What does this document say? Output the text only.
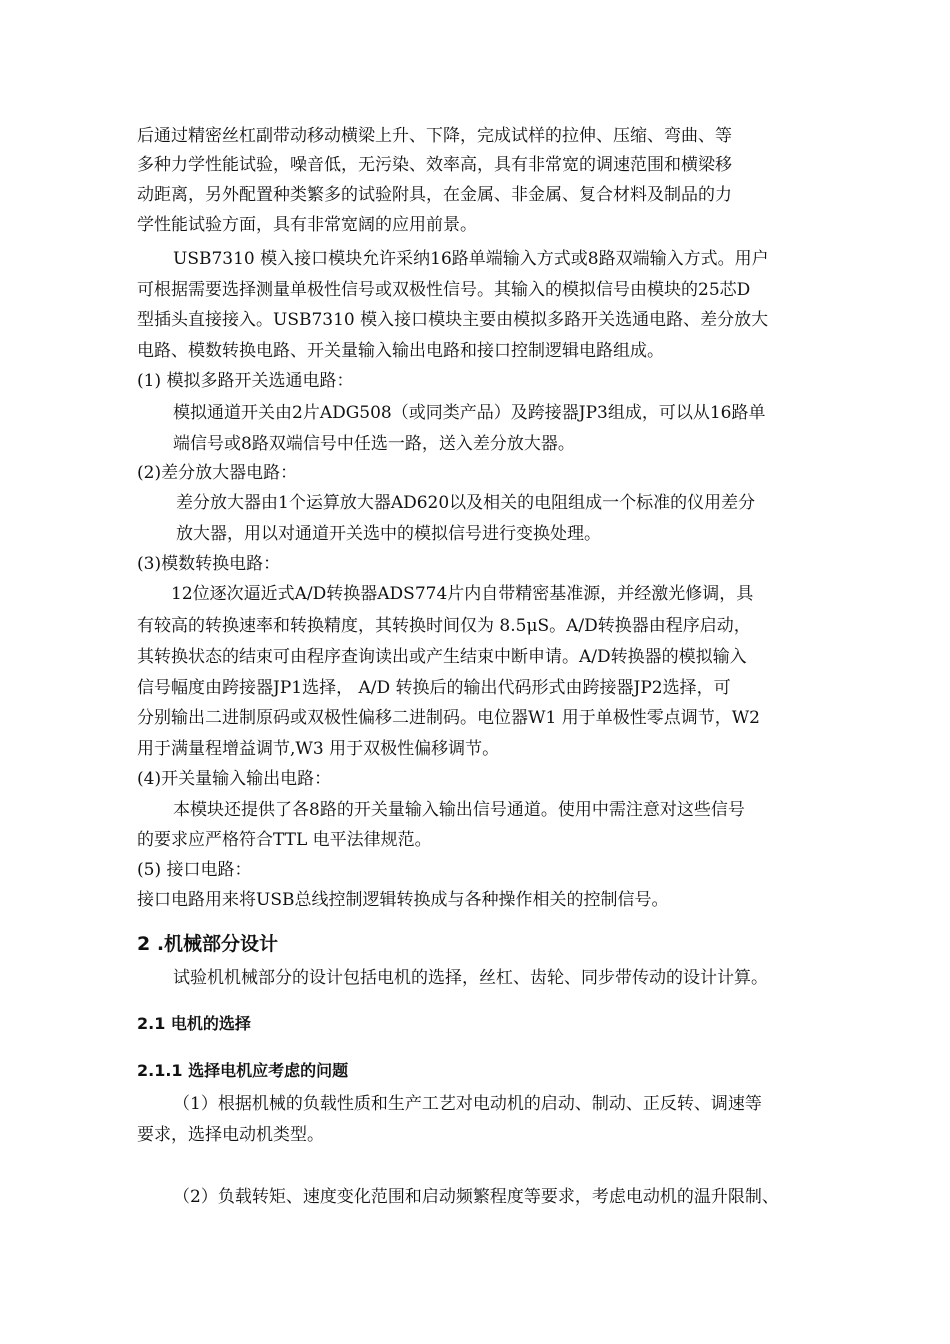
后通过精密丝杠副带动移动横梁上升、下降，完成试样的拉伸、压缩、弯曲、等
多种力学性能试验，噪音低，无污染、效率高，具有非常宽的调速范围和横梁移
动距离，另外配置种类繁多的试验附具，在金属、非金属、复合材料及制品的力
学性能试验方面，具有非常宽阔的应用前景。
USB7310 模入接口模块允许采纳16路单端输入方式或8路双端输入方式。用户
可根据需要选择测量单极性信号或双极性信号。其输入的模拟信号由模块的25芯D
型插头直接接入。USB7310 模入接口模块主要由模拟多路开关选通电路、差分放大
电路、模数转换电路、开关量输入输出电路和接口控制逻辑电路组成。
(1) 模拟多路开关选通电路：
模拟通道开关由2片ADG508（或同类产品）及跨接器JP3组成，可以从16路单
端信号或8路双端信号中任选一路，送入差分放大器。
(2)差分放大器电路：
差分放大器由1个运算放大器AD620以及相关的电阻组成一个标准的仪用差分
放大器，用以对通道开关选中的模拟信号进行变换处理。
(3)模数转换电路：
12位逐次逼近式A/D转换器ADS774片内自带精密基准源，并经激光修调，具
有较高的转换速率和转换精度，其转换时间仅为 8.5μS。A/D转换器由程序启动，
其转换状态的结束可由程序查询读出或产生结束中断申请。A/D转换器的模拟输入
信号幅度由跨接器JP1选择， A/D 转换后的输出代码形式由跨接器JP2选择，可
分别输出二进制原码或双极性偏移二进制码。电位器W1 用于单极性零点调节，W2
用于满量程增益调节,W3 用于双极性偏移调节。
(4)开关量输入输出电路：
本模块还提供了各8路的开关量输入输出信号通道。使用中需注意对这些信号
的要求应严格符合TTL 电平法律规范。
(5) 接口电路：
接口电路用来将USB总线控制逻辑转换成与各种操作相关的控制信号。
2 .机械部分设计
试验机机械部分的设计包括电机的选择，丝杠、齿轮、同步带传动的设计计算。
2.1 电机的选择
2.1.1 选择电机应考虑的问题
（1）根据机械的负载性质和生产工艺对电动机的启动、制动、正反转、调速等
要求，选择电动机类型。
（2）负载转矩、速度变化范围和启动频繁程度等要求，考虑电动机的温升限制、
